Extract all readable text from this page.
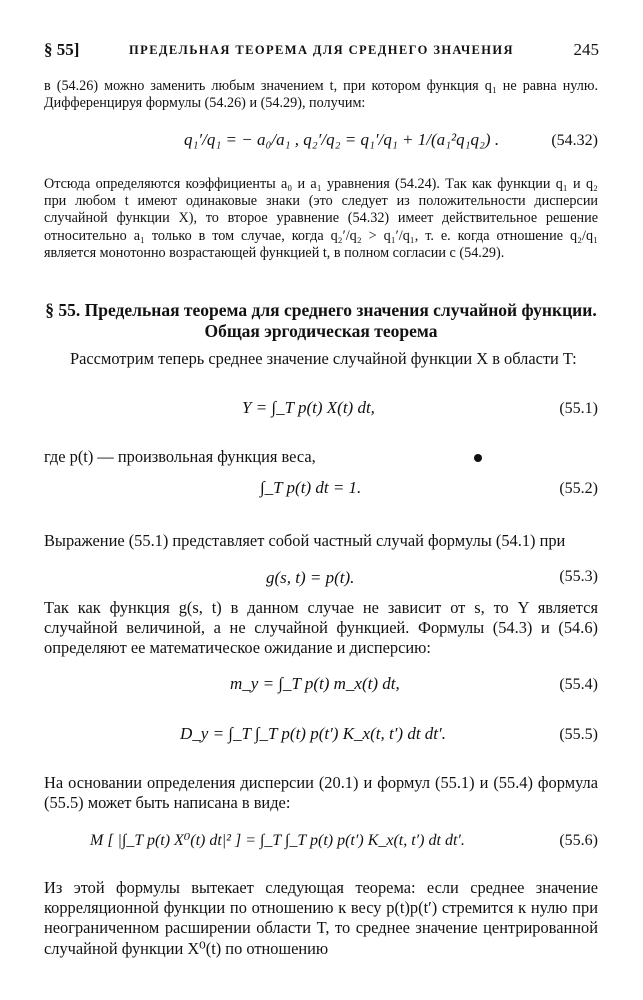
§ 55]	ПРЕДЕЛЬНАЯ ТЕОРЕМА ДЛЯ СРЕДНЕГО ЗНАЧЕНИЯ	245
в (54.26) можно заменить любым значением t, при котором функция q₁ не равна нулю. Дифференцируя формулы (54.26) и (54.29), получим:
q₁′/q₁ = − a₀/a₁ , q₂′/q₂ = q₁′/q₁ + 1/(a₁²q₁q₂) .	(54.32)
Отсюда определяются коэффициенты a₀ и a₁ уравнения (54.24). Так как функции q₁ и q₂ при любом t имеют одинаковые знаки (это следует из положительности дисперсии случайной функции X), то второе уравнение (54.32) имеет действительное решение относительно a₁ только в том случае, когда q₂′/q₂ > q₁′/q₁, т. е. когда отношение q₂/q₁ является монотонно возрастающей функцией t, в полном согласии с (54.29).
§ 55. Предельная теорема для среднего значения случайной функции. Общая эргодическая теорема
Рассмотрим теперь среднее значение случайной функции X в области T:
Y = ∫_T p(t) X(t) dt,	(55.1)
где p(t) — произвольная функция веса,
∫_T p(t) dt = 1.	(55.2)
Выражение (55.1) представляет собой частный случай формулы (54.1) при
g(s, t) = p(t).	(55.3)
Так как функция g(s, t) в данном случае не зависит от s, то Y является случайной величиной, а не случайной функцией. Формулы (54.3) и (54.6) определяют ее математическое ожидание и дисперсию:
m_y = ∫_T p(t) m_x(t) dt,	(55.4)
D_y = ∫_T ∫_T p(t) p(t′) K_x(t, t′) dt dt′.	(55.5)
На основании определения дисперсии (20.1) и формул (55.1) и (55.4) формула (55.5) может быть написана в виде:
M [ |∫_T p(t) X⁰(t) dt|² ] = ∫_T ∫_T p(t) p(t′) K_x(t, t′) dt dt′.	(55.6)
Из этой формулы вытекает следующая теорема: если среднее значение корреляционной функции по отношению к весу p(t)p(t′) стремится к нулю при неограниченном расширении области T, то среднее значение центрированной случайной функции X⁰(t) по отношению
